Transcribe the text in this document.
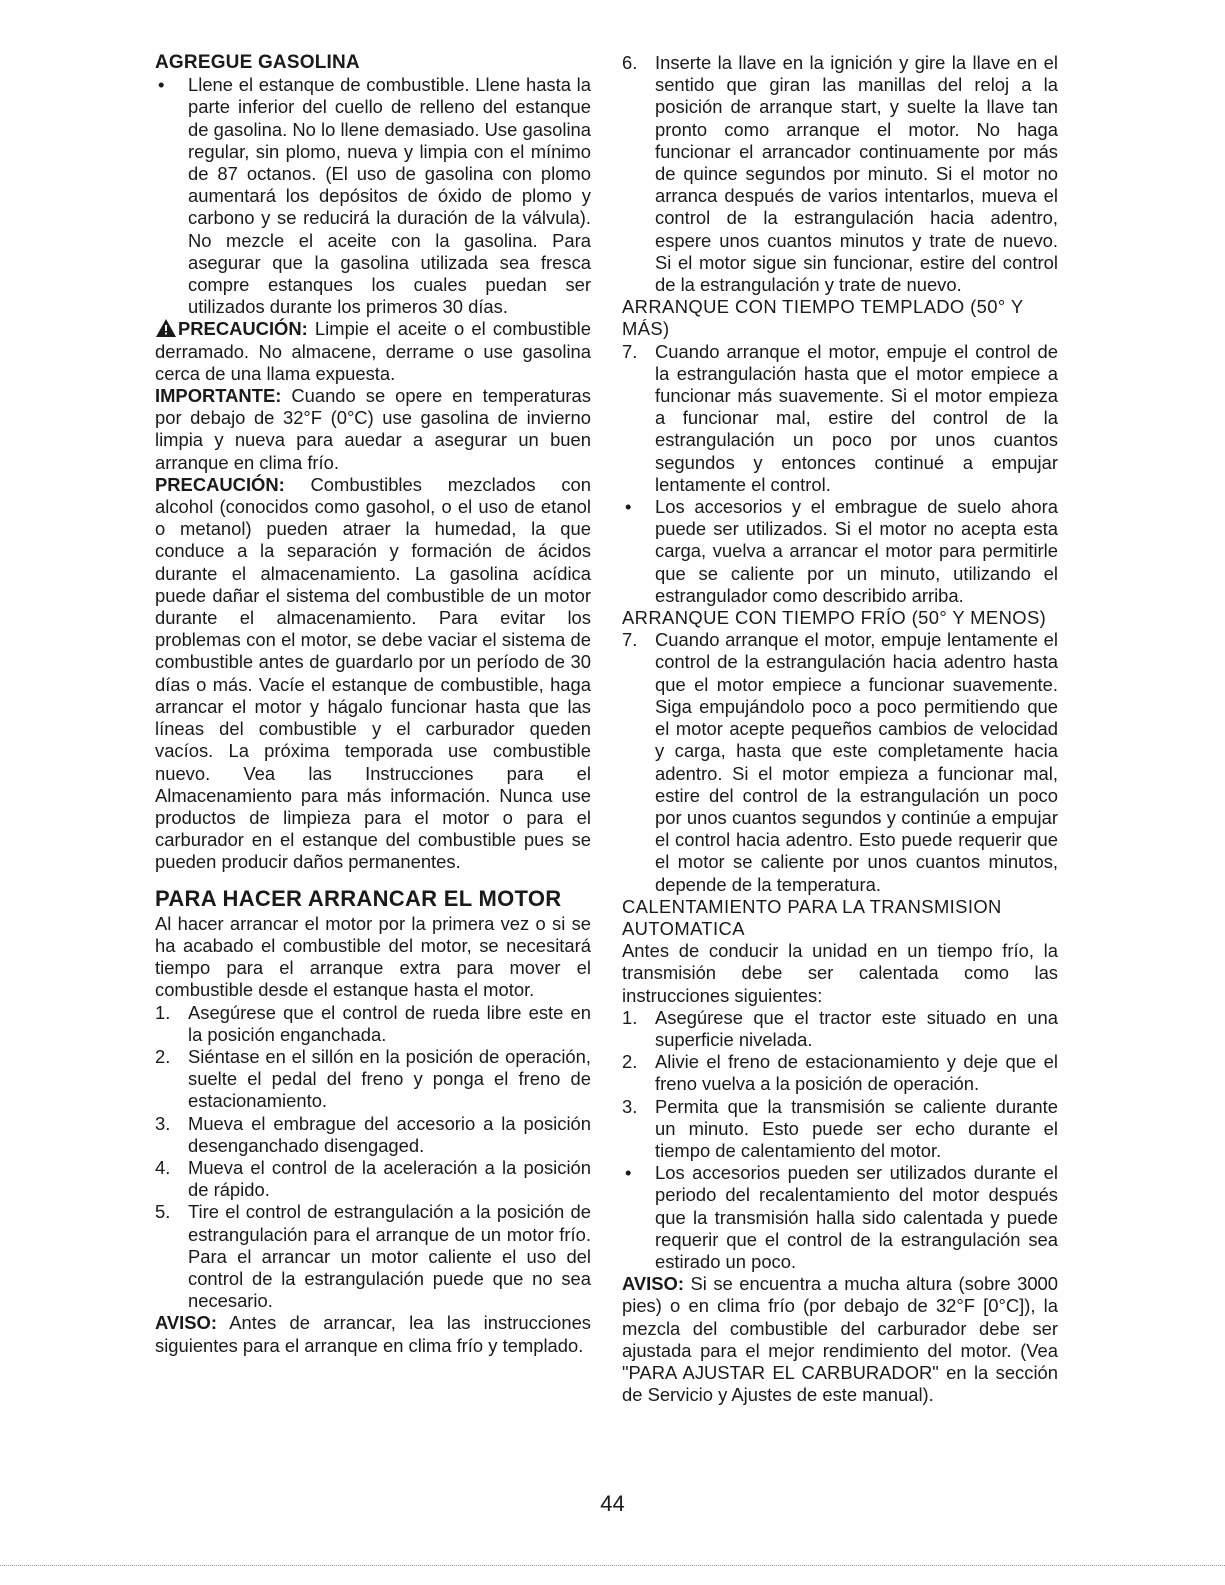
AGREGUE GASOLINA

• Llene el estanque de combustible. Llene hasta la parte inferior del cuello de relleno del estanque de gasolina. No lo llene demasiado. Use gasolina regular, sin plomo, nueva y limpia con el mínimo de 87 octanos. (El uso de gasolina con plomo aumentará los depósitos de óxido de plomo y carbono y se reducirá la duración de la válvula). No mezcle el aceite con la gasolina. Para asegurar que la gasolina utilizada sea fresca compre estanques los cuales puedan ser utilizados durante los primeros 30 días.

PRECAUCIÓN: Limpie el aceite o el combustible derramado. No almacene, derrame o use gasolina cerca de una llama expuesta.

IMPORTANTE: Cuando se opere en temperaturas por debajo de 32°F (0°C) use gasolina de invierno limpia y nueva para auedar a asegurar un buen arranque en clima frío.

PRECAUCIÓN: Combustibles mezclados con alcohol (conocidos como gasohol, o el uso de etanol o metanol) pueden atraer la humedad, la que conduce a la separación y formación de ácidos durante el almacenamiento. La gasolina acídica puede dañar el sistema del combustible de un motor durante el almacenamiento. Para evitar los problemas con el motor, se debe vaciar el sistema de combustible antes de guardarlo por un período de 30 días o más. Vacíe el estanque de combustible, haga arrancar el motor y hágalo funcionar hasta que las líneas del combustible y el carburador queden vacíos. La próxima temporada use combustible nuevo. Vea las Instrucciones para el Almacenamiento para más información. Nunca use productos de limpieza para el motor o para el carburador en el estanque del combustible pues se pueden producir daños permanentes.

PARA HACER ARRANCAR EL MOTOR

Al hacer arrancar el motor por la primera vez o si se ha acabado el combustible del motor, se necesitará tiempo para el arranque extra para mover el combustible desde el estanque hasta el motor.

1. Asegúrese que el control de rueda libre este en la posición enganchada.

2. Siéntase en el sillón en la posición de operación, suelte el pedal del freno y ponga el freno de estacionamiento.

3. Mueva el embrague del accesorio a la posición desenganchado disengaged.

4. Mueva el control de la aceleración a la posición de rápido.

5. Tire el control de estrangulación a la posición de estrangulación para el arranque de un motor frío. Para el arrancar un motor caliente el uso del control de la estrangulación puede que no sea necesario.

AVISO: Antes de arrancar, lea las instrucciones siguientes para el arranque en clima frío y templado.

6. Inserte la llave en la ignición y gire la llave en el sentido que giran las manillas del reloj a la posición de arranque start, y suelte la llave tan pronto como arranque el motor. No haga funcionar el arrancador continuamente por más de quince segundos por minuto. Si el motor no arranca después de varios intentarlos, mueva el control de la estrangulación hacia adentro, espere unos cuantos minutos y trate de nuevo. Si el motor sigue sin funcionar, estire del control de la estrangulación y trate de nuevo.

ARRANQUE CON TIEMPO TEMPLADO (50° Y MÁS)

7. Cuando arranque el motor, empuje el control de la estrangulación hasta que el motor empiece a funcionar más suavemente. Si el motor empieza a funcionar mal, estire del control de la estrangulación un poco por unos cuantos segundos y entonces continué a empujar lentamente el control.

• Los accesorios y el embrague de suelo ahora puede ser utilizados. Si el motor no acepta esta carga, vuelva a arrancar el motor para permitirle que se caliente por un minuto, utilizando el estrangulador como describido arriba.

ARRANQUE CON TIEMPO FRÍO (50° Y MENOS)

7. Cuando arranque el motor, empuje lentamente el control de la estrangulación hacia adentro hasta que el motor empiece a funcionar suavemente. Siga empujándolo poco a poco permitiendo que el motor acepte pequeños cambios de velocidad y carga, hasta que este completamente hacia adentro. Si el motor empieza a funcionar mal, estire del control de la estrangulación un poco por unos cuantos segundos y continúe a empujar el control hacia adentro. Esto puede requerir que el motor se caliente por unos cuantos minutos, depende de la temperatura.

CALENTAMIENTO PARA LA TRANSMISION AUTOMATICA

Antes de conducir la unidad en un tiempo frío, la transmisión debe ser calentada como las instrucciones siguientes:

1. Asegúrese que el tractor este situado en una superficie nivelada.

2. Alivie el freno de estacionamiento y deje que el freno vuelva a la posición de operación.

3. Permita que la transmisión se caliente durante un minuto. Esto puede ser echo durante el tiempo de calentamiento del motor.

• Los accesorios pueden ser utilizados durante el periodo del recalentamiento del motor después que la transmisión halla sido calentada y puede requerir que el control de la estrangulación sea estirado un poco.

AVISO: Si se encuentra a mucha altura (sobre 3000 pies) o en clima frío (por debajo de 32°F [0°C]), la mezcla del combustible del carburador debe ser ajustada para el mejor rendimiento del motor. (Vea "PARA AJUSTAR EL CARBURADOR" en la sección de Servicio y Ajustes de este manual).

44
